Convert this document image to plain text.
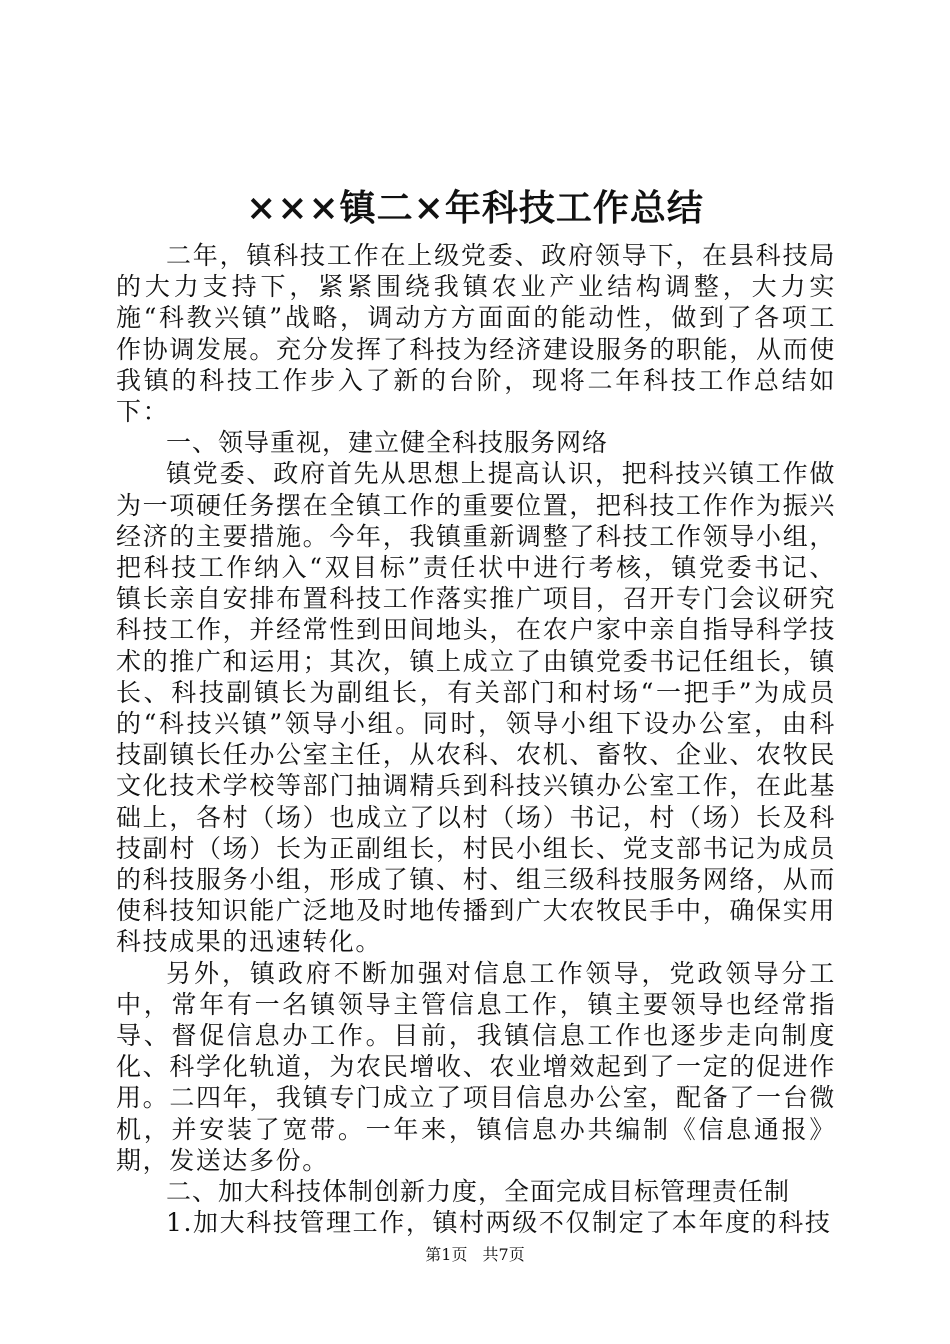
×××镇二×年科技工作总结

二年，镇科技工作在上级党委、政府领导下，在县科技局的大力支持下，紧紧围绕我镇农业产业结构调整，大力实施“科教兴镇”战略，调动方方面面的能动性，做到了各项工作协调发展。充分发挥了科技为经济建设服务的职能，从而使我镇的科技工作步入了新的台阶，现将二年科技工作总结如下：

一、领导重视，建立健全科技服务网络

镇党委、政府首先从思想上提高认识，把科技兴镇工作做为一项硬任务摆在全镇工作的重要位置，把科技工作作为振兴经济的主要措施。今年，我镇重新调整了科技工作领导小组，把科技工作纳入“双目标”责任状中进行考核，镇党委书记、镇长亲自安排布置科技工作落实推广项目，召开专门会议研究科技工作，并经常性到田间地头，在农户家中亲自指导科学技术的推广和运用；其次，镇上成立了由镇党委书记任组长，镇长、科技副镇长为副组长，有关部门和村场“一把手”为成员的“科技兴镇”领导小组。同时，领导小组下设办公室，由科技副镇长任办公室主任，从农科、农机、畜牧、企业、农牧民文化技术学校等部门抽调精兵到科技兴镇办公室工作，在此基础上，各村（场）也成立了以村（场）书记，村（场）长及科技副村（场）长为正副组长，村民小组长、党支部书记为成员的科技服务小组，形成了镇、村、组三级科技服务网络，从而使科技知识能广泛地及时地传播到广大农牧民手中，确保实用科技成果的迅速转化。

另外，镇政府不断加强对信息工作领导，党政领导分工中，常年有一名镇领导主管信息工作，镇主要领导也经常指导、督促信息办工作。目前，我镇信息工作也逐步走向制度化、科学化轨道，为农民增收、农业增效起到了一定的促进作用。二四年，我镇专门成立了项目信息办公室，配备了一台微机，并安装了宽带。一年来，镇信息办共编制《信息通报》期，发送达多份。

二、加大科技体制创新力度，全面完成目标管理责任制

1.加大科技管理工作，镇村两级不仅制定了本年度的科技

第1页 共7页
